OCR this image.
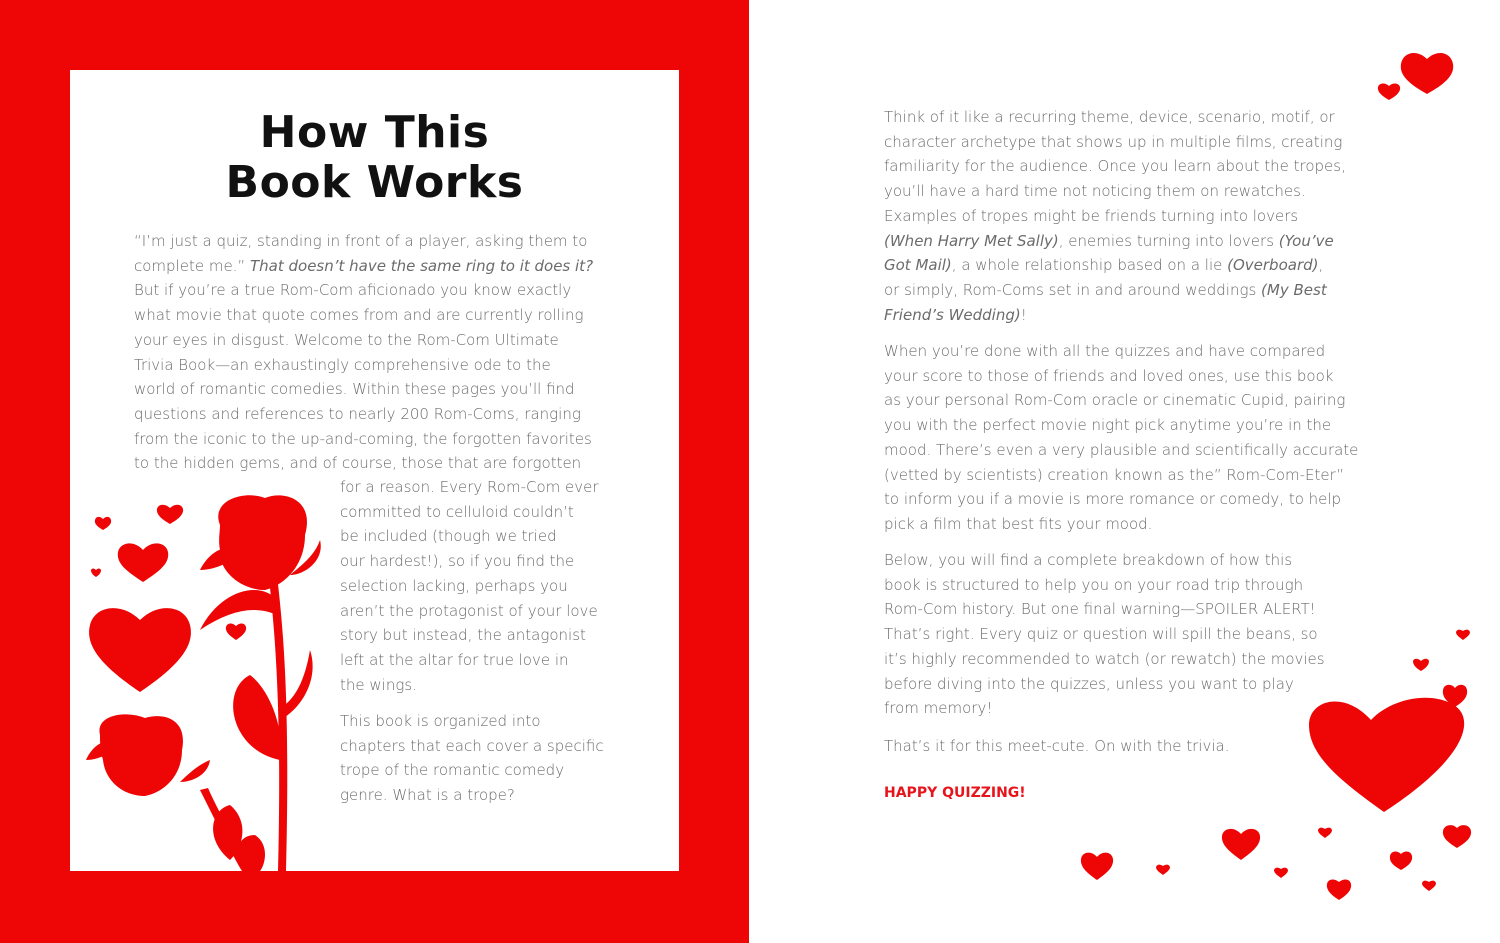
How This
Book Works
“I’m just a quiz, standing in front of a player, asking them to
complete me.” That doesn’t have the same ring to it does it?
But if you’re a true Rom-Com aficionado you know exactly
what movie that quote comes from and are currently rolling
your eyes in disgust. Welcome to the Rom-Com Ultimate
Trivia Book—an exhaustingly comprehensive ode to the
world of romantic comedies. Within these pages you’ll find
questions and references to nearly 200 Rom-Coms, ranging
from the iconic to the up-and-coming, the forgotten favorites
to the hidden gems, and of course, those that are forgotten
for a reason. Every Rom-Com ever
committed to celluloid couldn’t
be included (though we tried
our hardest!), so if you find the
selection lacking, perhaps you
aren’t the protagonist of your love
story but instead, the antagonist
left at the altar for true love in
the wings.
This book is organized into
chapters that each cover a specific
trope of the romantic comedy
genre. What is a trope?
Think of it like a recurring theme, device, scenario, motif, or
character archetype that shows up in multiple films, creating
familiarity for the audience. Once you learn about the tropes,
you’ll have a hard time not noticing them on rewatches.
Examples of tropes might be friends turning into lovers
(When Harry Met Sally), enemies turning into lovers (You’ve
Got Mail), a whole relationship based on a lie (Overboard),
or simply, Rom-Coms set in and around weddings (My Best
Friend’s Wedding)!
When you’re done with all the quizzes and have compared
your score to those of friends and loved ones, use this book
as your personal Rom-Com oracle or cinematic Cupid, pairing
you with the perfect movie night pick anytime you’re in the
mood. There’s even a very plausible and scientifically accurate
(vetted by scientists) creation known as the” Rom-Com-Eter”
to inform you if a movie is more romance or comedy, to help
pick a film that best fits your mood.
Below, you will find a complete breakdown of how this
book is structured to help you on your road trip through
Rom-Com history. But one final warning—SPOILER ALERT!
That’s right. Every quiz or question will spill the beans, so
it’s highly recommended to watch (or rewatch) the movies
before diving into the quizzes, unless you want to play
from memory!
That’s it for this meet-cute. On with the trivia.
HAPPY QUIZZING!
